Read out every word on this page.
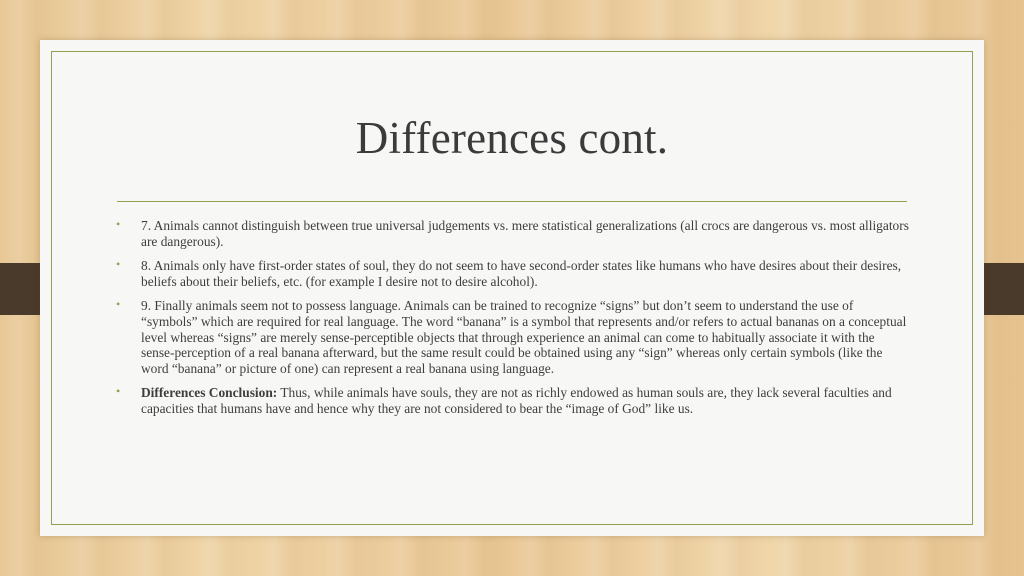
Differences cont.
• 7. Animals cannot distinguish between true universal judgements vs. mere statistical generalizations (all crocs are dangerous vs. most alligators are dangerous).
• 8. Animals only have first-order states of soul, they do not seem to have second-order states like humans who have desires about their desires, beliefs about their beliefs, etc. (for example I desire not to desire alcohol).
• 9. Finally animals seem not to possess language. Animals can be trained to recognize “signs” but don’t seem to understand the use of “symbols” which are required for real language. The word “banana” is a symbol that represents and/or refers to actual bananas on a conceptual level whereas “signs” are merely sense-perceptible objects that through experience an animal can come to habitually associate it with the sense-perception of a real banana afterward, but the same result could be obtained using any “sign” whereas only certain symbols (like the word “banana” or picture of one) can represent a real banana using language.
• Differences Conclusion: Thus, while animals have souls, they are not as richly endowed as human souls are, they lack several faculties and capacities that humans have and hence why they are not considered to bear the “image of God” like us.
